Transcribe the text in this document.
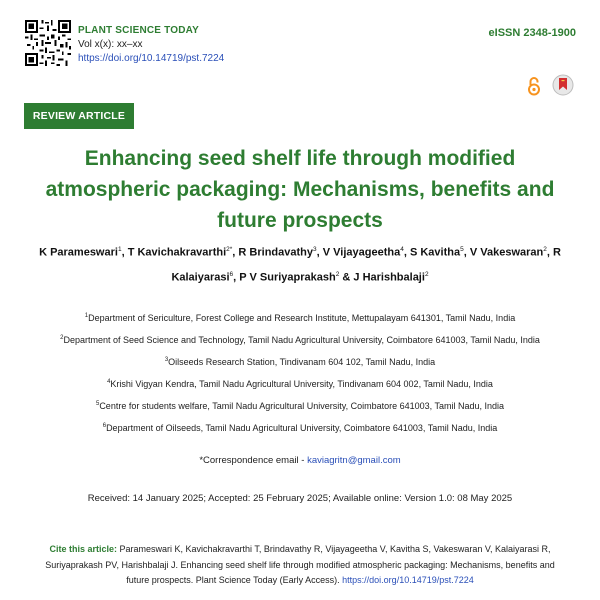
PLANT SCIENCE TODAY
Vol x(x): xx–xx
https://doi.org/10.14719/pst.7224
eISSN 2348-1900
REVIEW ARTICLE
Enhancing seed shelf life through modified atmospheric packaging: Mechanisms, benefits and future prospects
K Parameswari$^1$, T Kavichakravarthi$^{2*}$, R Brindavathy$^3$, V Vijayageetha$^4$, S Kavitha$^5$, V Vakeswaran$^2$, R Kalaiyarasi$^6$, P V Suriyaprakash$^2$ & J Harishbalaji$^2$
$^1$Department of Sericulture, Forest College and Research Institute, Mettupalayam 641301, Tamil Nadu, India
$^2$Department of Seed Science and Technology, Tamil Nadu Agricultural University, Coimbatore 641003, Tamil Nadu, India
$^3$Oilseeds Research Station, Tindivanam 604 102, Tamil Nadu, India
$^4$Krishi Vigyan Kendra, Tamil Nadu Agricultural University, Tindivanam 604 002, Tamil Nadu, India
$^5$Centre for students welfare, Tamil Nadu Agricultural University, Coimbatore 641003, Tamil Nadu, India
$^6$Department of Oilseeds, Tamil Nadu Agricultural University, Coimbatore 641003, Tamil Nadu, India
*Correspondence email - kaviagritn@gmail.com
Received: 14 January 2025; Accepted: 25 February 2025; Available online: Version 1.0: 08 May 2025
Cite this article: Parameswari K, Kavichakravarthi T, Brindavathy R, Vijayageetha V, Kavitha S, Vakeswaran V, Kalaiyarasi R, Suriyaprakash PV, Harishbalaji J. Enhancing seed shelf life through modified atmospheric packaging: Mechanisms, benefits and future prospects. Plant Science Today (Early Access). https://doi.org/10.14719/pst.7224
